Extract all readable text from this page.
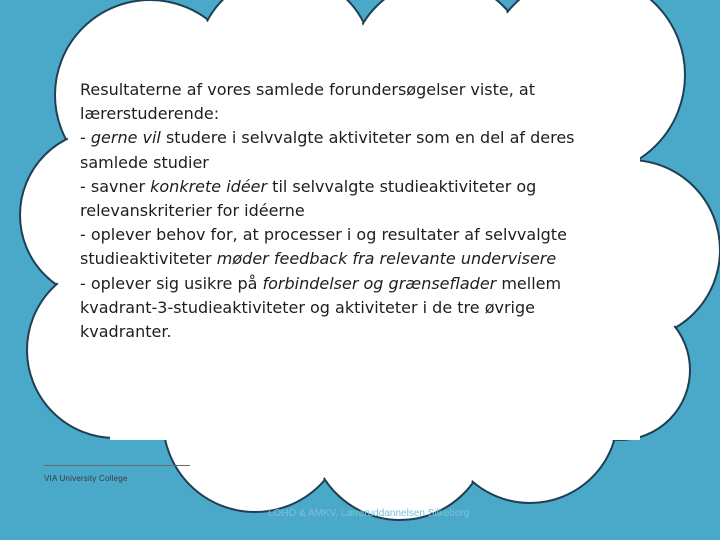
Resultaterne af vores samlede forundersøgelser viste, at lærerstuderende:

- gerne vil studere i selvvalgte aktiviteter som en del af deres samlede studier

- savner konkrete idéer til selvvalgte studieaktiviteter og relevanskriterier for idéerne

- oplever behov for, at processer i og resultater af selvvalgte studieaktiviteter møder feedback fra relevante undervisere

- oplever sig usikre på forbindelser og grænseflader mellem kvadrant-3-studieaktiviteter og aktiviteter i de tre øvrige kvadranter.

VIA University College
LOHO & AMKV, Læreruddannelsen Silkeborg
